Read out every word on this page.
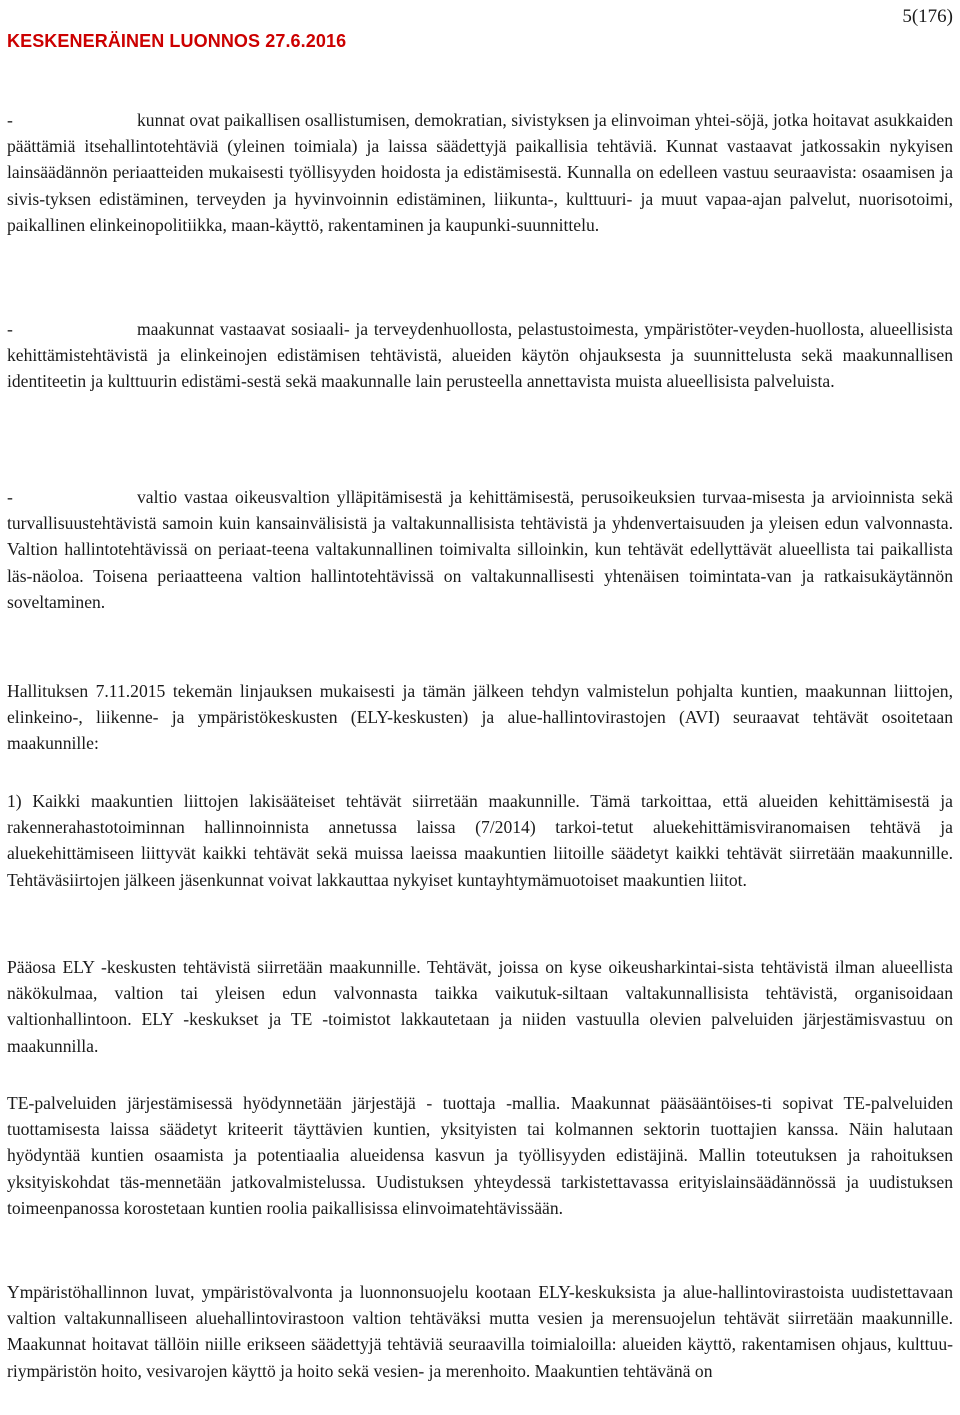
5(176)
KESKENERÄINEN LUONNOS 27.6.2016

-	kunnat ovat paikallisen osallistumisen, demokratian, sivistyksen ja elinvoiman yhtei-söjä, jotka hoitavat asukkaiden päättämiä itsehallintotehtäviä (yleinen toimiala) ja laissa säädettyjä paikallisia tehtäviä. Kunnat vastaavat jatkossakin nykyisen lainsäädännön periaatteiden mukaisesti työllisyyden hoidosta ja edistämisestä. Kunnalla on edelleen vastuu seuraavista: osaamisen ja sivis-tyksen edistäminen, terveyden ja hyvinvoinnin edistäminen, liikunta-, kulttuuri- ja muut vapaa-ajan palvelut, nuorisotoimi, paikallinen elinkeinopolitiikka, maan-käyttö, rakentaminen ja kaupunki-suunnittelu.

-	maakunnat vastaavat sosiaali- ja terveydenhuollosta, pelastustoimesta, ympäristöter-veyden-huollosta, alueellisista kehittämistehtävistä ja elinkeinojen edistämisen tehtävistä, alueiden käytön ohjauksesta ja suunnittelusta sekä maakunnallisen identiteetin ja kulttuurin edistämi-sestä sekä maakunnalle lain perusteella annettavista muista alueellisista palveluista.

-	valtio vastaa oikeusvaltion ylläpitämisestä ja kehittämisestä, perusoikeuksien turvaa-misesta ja arvioinnista sekä turvallisuustehtävistä samoin kuin kansainvälisistä ja valtakunnallisista tehtävistä ja yhdenvertaisuuden ja yleisen edun valvonnasta. Valtion hallintotehtävissä on periaat-teena valtakunnallinen toimivalta silloinkin, kun tehtävät edellyttävät alueellista tai paikallista läs-näoloa. Toisena periaatteena valtion hallintotehtävissä on valtakunnallisesti yhtenäisen toimintata-van ja ratkaisukäytännön soveltaminen.

Hallituksen 7.11.2015 tekemän linjauksen mukaisesti ja tämän jälkeen tehdyn valmistelun pohjalta kuntien, maakunnan liittojen, elinkeino-, liikenne- ja ympäristökeskusten (ELY-keskusten) ja alue-hallintovirastojen (AVI) seuraavat tehtävät osoitetaan maakunnille:

1) Kaikki maakuntien liittojen lakisääteiset tehtävät siirretään maakunnille. Tämä tarkoittaa, että alueiden kehittämisestä ja rakennerahastotoiminnan hallinnoinnista annetussa laissa (7/2014) tarkoi-tetut aluekehittämisviranomaisen tehtävä ja aluekehittämiseen liittyvät kaikki tehtävät sekä muissa laeissa maakuntien liitoille säädetyt kaikki tehtävät siirretään maakunnille. Tehtäväsiirtojen jälkeen jäsenkunnat voivat lakkauttaa nykyiset kuntayhtymämuotoiset maakuntien liitot.

Pääosa ELY -keskusten tehtävistä siirretään maakunnille. Tehtävät, joissa on kyse oikeusharkintai-sista tehtävistä ilman alueellista näkökulmaa, valtion tai yleisen edun valvonnasta taikka vaikutuk-siltaan valtakunnallisista tehtävistä, organisoidaan valtionhallintoon. ELY -keskukset ja TE -toimistot lakkautetaan ja niiden vastuulla olevien palveluiden järjestämisvastuu on maakunnilla.

TE-palveluiden järjestämisessä hyödynnetään järjestäjä - tuottaja -mallia. Maakunnat pääsääntöises-ti sopivat TE-palveluiden tuottamisesta laissa säädetyt kriteerit täyttävien kuntien, yksityisten tai kolmannen sektorin tuottajien kanssa. Näin halutaan hyödyntää kuntien osaamista ja potentiaalia alueidensa kasvun ja työllisyyden edistäjinä. Mallin toteutuksen ja rahoituksen yksityiskohdat täs-mennetään jatkovalmistelussa. Uudistuksen yhteydessä tarkistettavassa erityislainsäädännössä ja uudistuksen toimeenpanossa korostetaan kuntien roolia paikallisissa elinvoimatehtävissään.

Ympäristöhallinnon luvat, ympäristövalvonta ja luonnonsuojelu kootaan ELY-keskuksista ja alue-hallintovirastoista uudistettavaan valtion valtakunnalliseen aluehallintovirastoon valtion tehtäväksi mutta vesien ja merensuojelun tehtävät siirretään maakunnille. Maakunnat hoitavat tällöin niille erikseen säädettyjä tehtäviä seuraavilla toimialoilla: alueiden käyttö, rakentamisen ohjaus, kulttuu-riympäristön hoito, vesivarojen käyttö ja hoito sekä vesien- ja merenhoito. Maakuntien tehtävänä on
